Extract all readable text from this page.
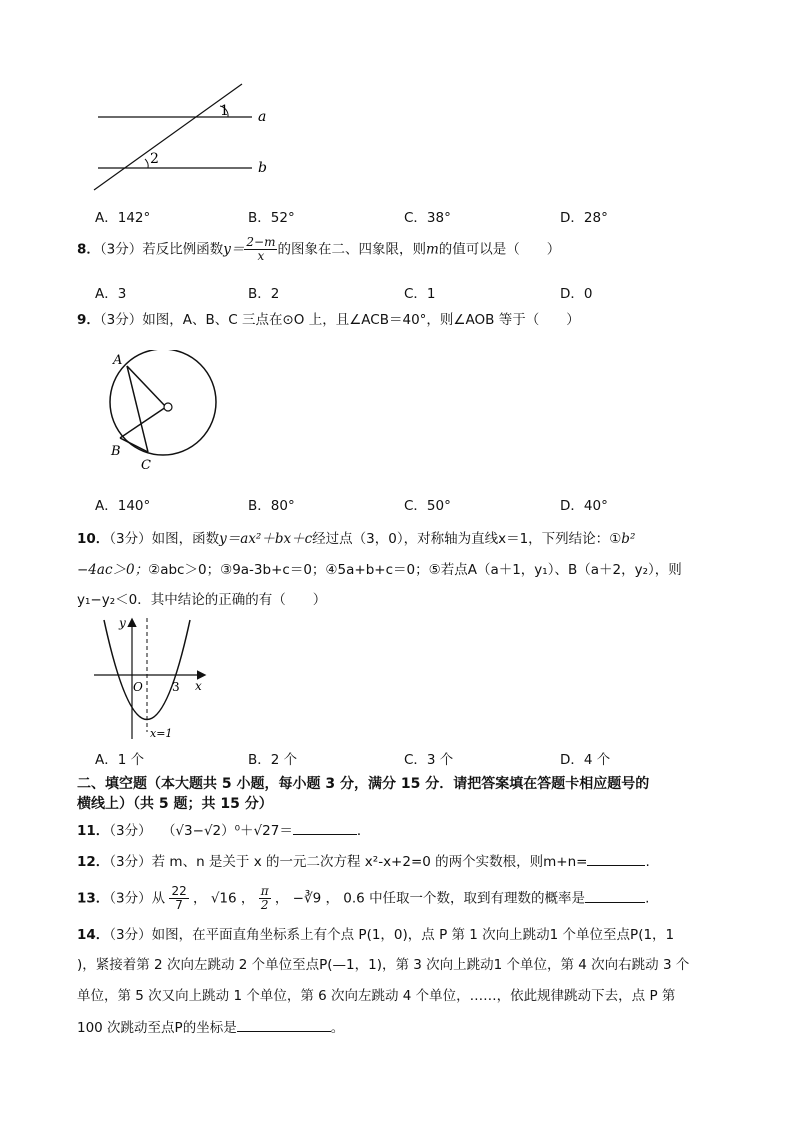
1
2
a
b
A．142°	B．52°	C．38°	D．28°
8．（3分）若反比例函数$y= \frac{2-m}{x}$ 的图象在二、四象限，则m的值可以是（　　）
A．3	B．2	C．1	D．0
9．（3分）如图，A、B、C 三点在⊙O 上，且∠ACB＝40°，则∠AOB 等于（　　）
A
B
C
A．140°	B．80°	C．50°	D．40°
10．（3分）如图，函数y＝ax²＋bx＋c经过点（3，0），对称轴为直线x＝1，下列结论：①b²
−4ac＞0；②abc＞0；③9a-3b+c＝0；④5a+b+c＝0；⑤若点A（a＋1，y₁）、B（a＋2，y₂），则
y₁−y₂＜0．其中结论的正确的有（　　）
y
x
O 3
x=1
A．1 个	B．2 个	C．3 个	D．4 个
二、填空题（本大题共 5 小题，每小题 3 分，满分 15 分．请把答案填在答题卡相应题号的
横线上）（共 5 题；共 15 分）
11．（3分） （√3−√2）⁰＋√27＝	．
12．（3分）若 m、n 是关于 x 的一元二次方程 x²-x+2=0 的两个实数根，则m+n=	.
13．（3分）从 $\frac{22}{7}$ ， √16 ， $\frac{\pi}{2}$ ， −∛9 ， 0.6 中任取一个数，取到有理数的概率是	.
14．（3分）如图，在平面直角坐标系上有个点 P(1，0)，点 P 第 1 次向上跳动1 个单位至点P(1，1
)，紧接着第 2 次向左跳动 2 个单位至点P(—1，1)，第 3 次向上跳动1 个单位，第 4 次向右跳动 3 个
单位，第 5 次又向上跳动 1 个单位，第 6 次向左跳动 4 个单位，……，依此规律跳动下去，点 P 第
100 次跳动至点P的坐标是	。
